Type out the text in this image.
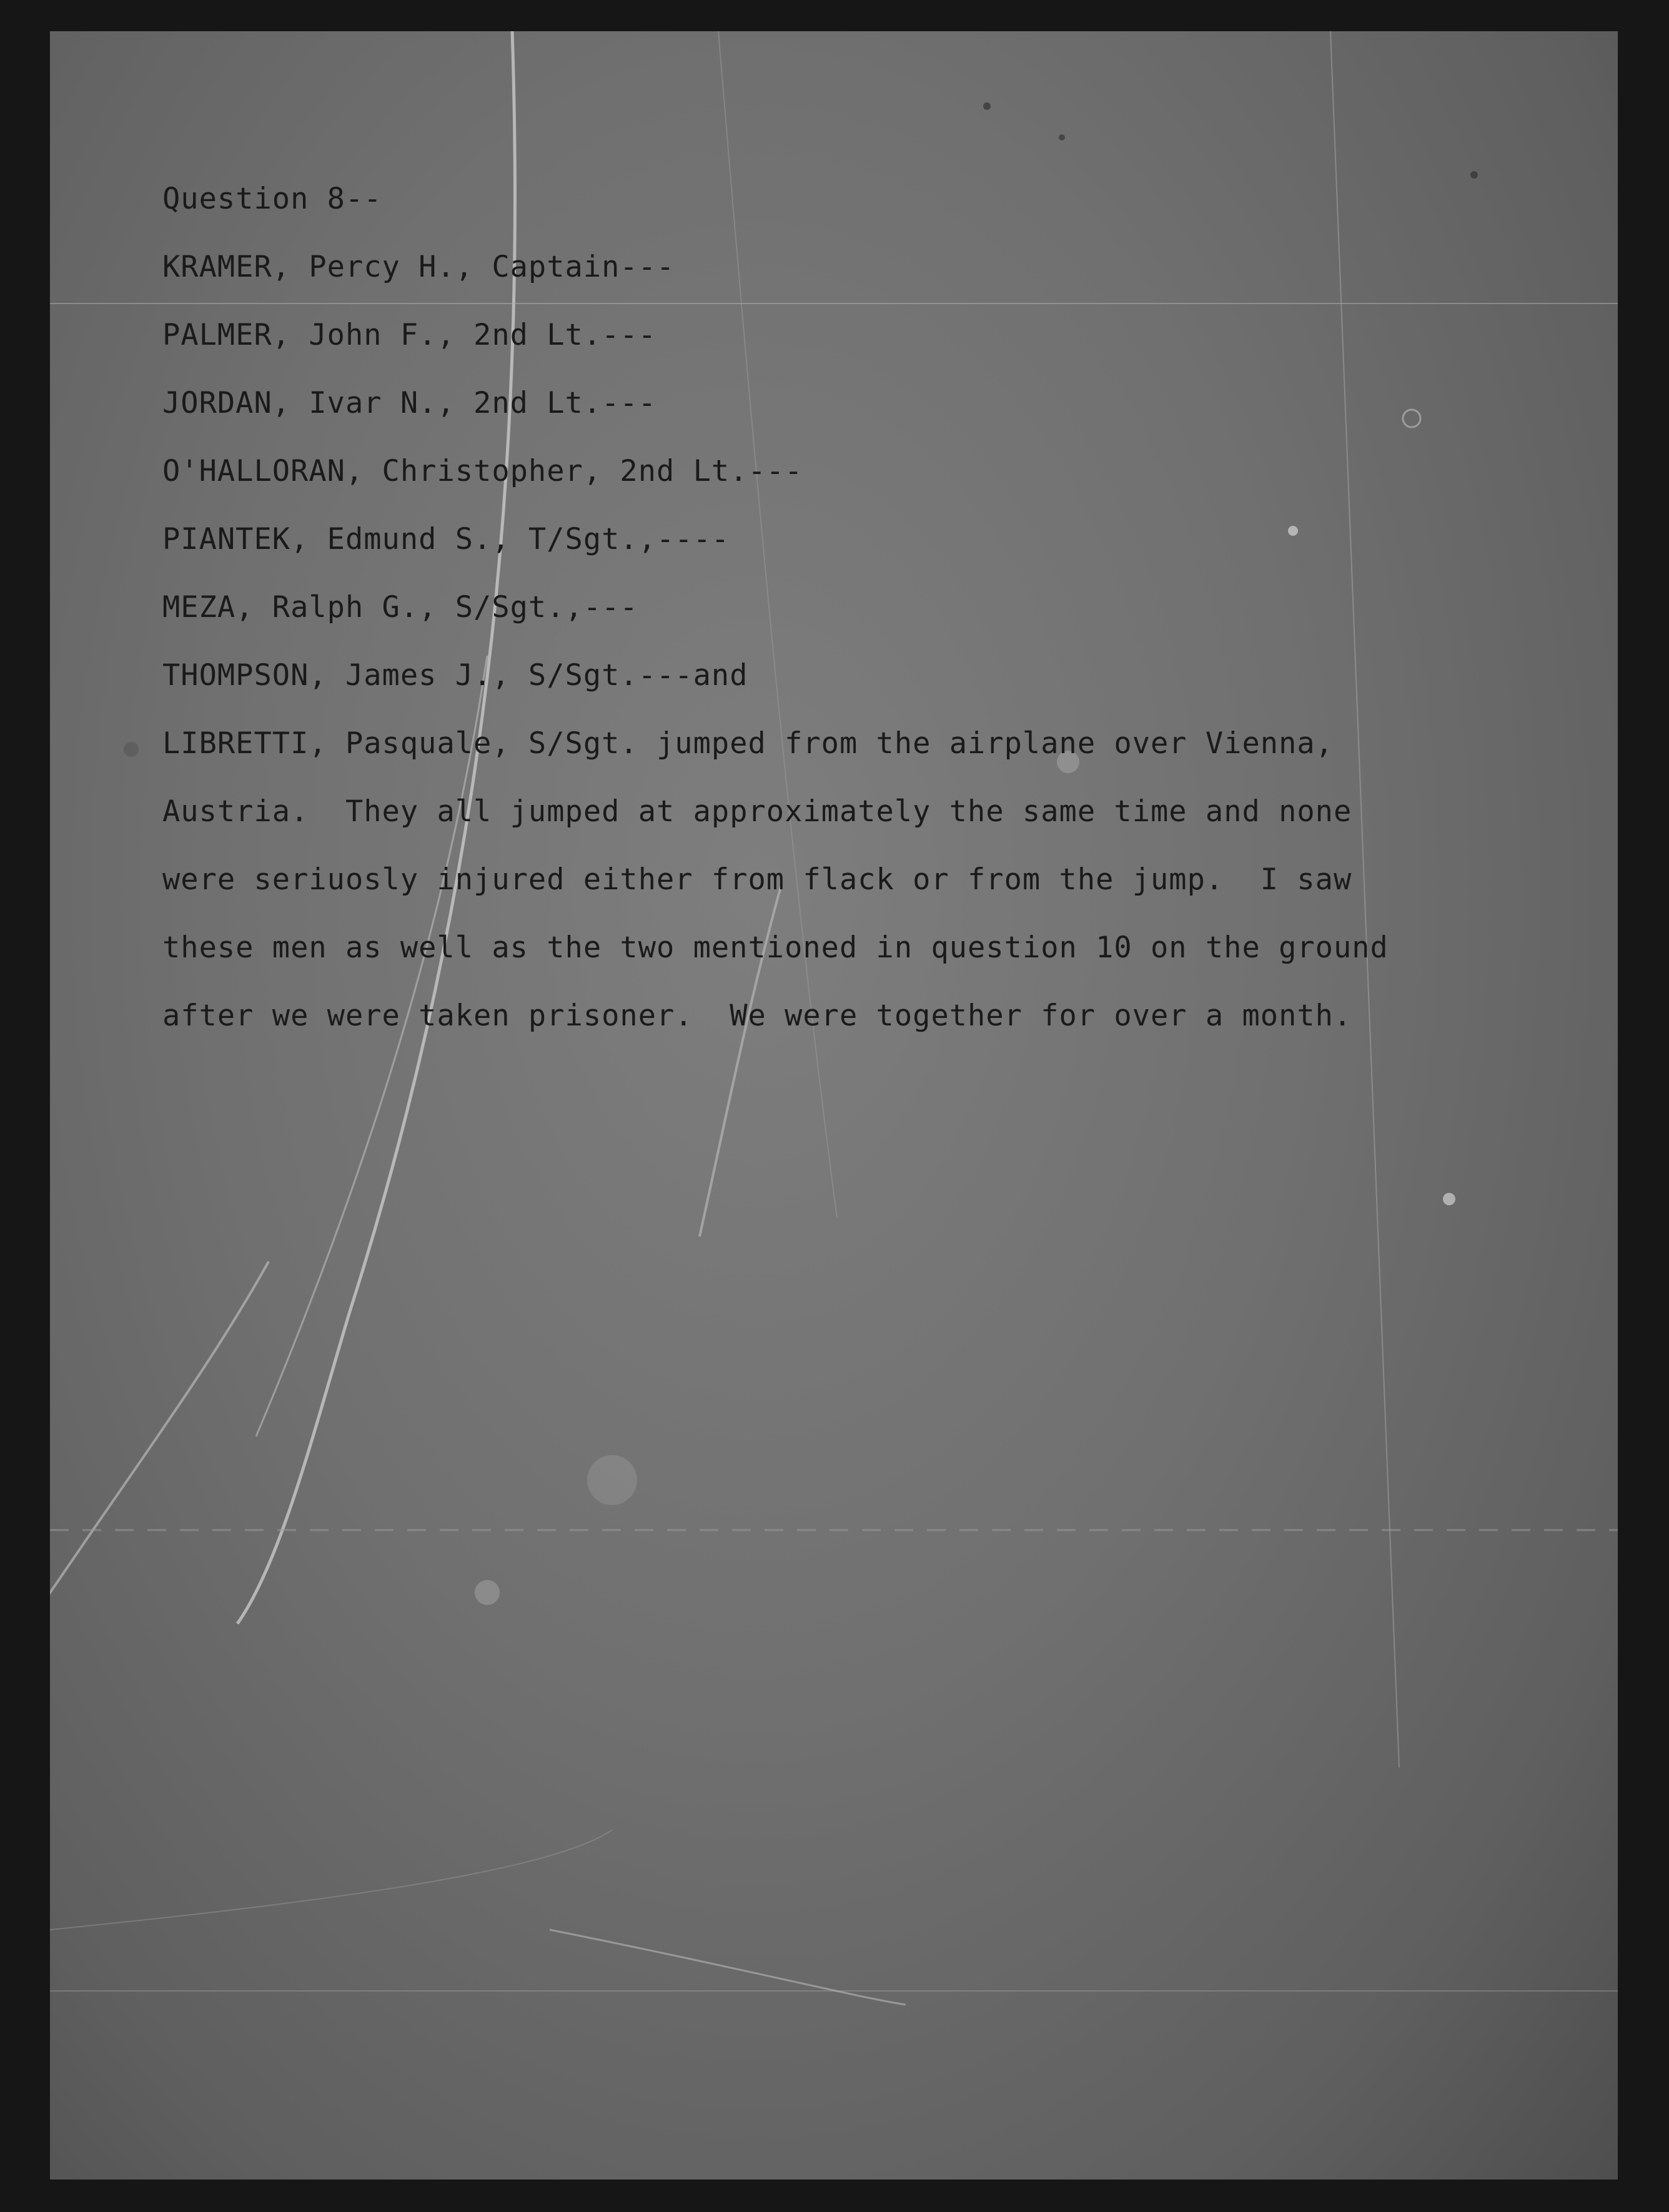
Question 8--
KRAMER, Percy H., Captain---
PALMER, John F., 2nd Lt.---
JORDAN, Ivar N., 2nd Lt.---
O'HALLORAN, Christopher, 2nd Lt.---
PIANTEK, Edmund S., T/Sgt.,----
MEZA, Ralph G., S/Sgt.,---
THOMPSON, James J., S/Sgt.---and
LIBRETTI, Pasquale, S/Sgt. jumped from the airplane over Vienna,
Austria.  They all jumped at approximately the same time and none
were seriuosly injured either from flack or from the jump.  I saw
these men as well as the two mentioned in question 10 on the ground
after we were taken prisoner.  We were together for over a month.
